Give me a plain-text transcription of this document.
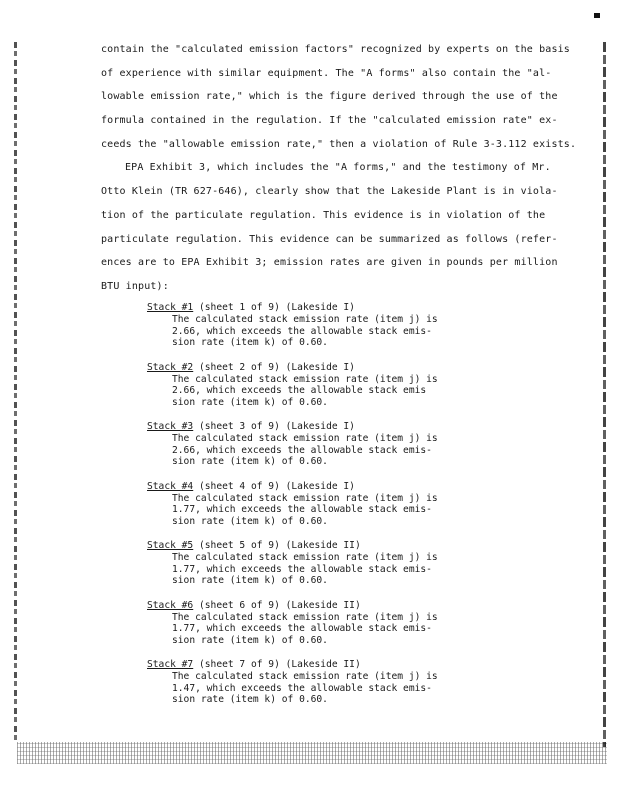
contain the "calculated emission factors" recognized by experts on the basis
of experience with similar equipment. The "A forms" also contain the "al-
lowable emission rate," which is the figure derived through the use of the
formula contained in the regulation. If the "calculated emission rate" ex-
ceeds the "allowable emission rate," then a violation of Rule 3-3.112 exists.
EPA Exhibit 3, which includes the "A forms," and the testimony of Mr.
Otto Klein (TR 627-646), clearly show that the Lakeside Plant is in viola-
tion of the particulate regulation. This evidence is in violation of the
particulate regulation. This evidence can be summarized as follows (refer-
ences are to EPA Exhibit 3; emission rates are given in pounds per million
BTU input):
Stack #1 (sheet 1 of 9) (Lakeside I)
The calculated stack emission rate (item j) is
2.66, which exceeds the allowable stack emis-
sion rate (item k) of 0.60.
Stack #2 (sheet 2 of 9) (Lakeside I)
The calculated stack emission rate (item j) is
2.66, which exceeds the allowable stack emis
sion rate (item k) of 0.60.
Stack #3 (sheet 3 of 9) (Lakeside I)
The calculated stack emission rate (item j) is
2.66, which exceeds the allowable stack emis-
sion rate (item k) of 0.60.
Stack #4 (sheet 4 of 9) (Lakeside I)
The calculated stack emission rate (item j) is
1.77, which exceeds the allowable stack emis-
sion rate (item k) of 0.60.
Stack #5 (sheet 5 of 9) (Lakeside II)
The calculated stack emission rate (item j) is
1.77, which exceeds the allowable stack emis-
sion rate (item k) of 0.60.
Stack #6 (sheet 6 of 9) (Lakeside II)
The calculated stack emission rate (item j) is
1.77, which exceeds the allowable stack emis-
sion rate (item k) of 0.60.
Stack #7 (sheet 7 of 9) (Lakeside II)
The calculated stack emission rate (item j) is
1.47, which exceeds the allowable stack emis-
sion rate (item k) of 0.60.
